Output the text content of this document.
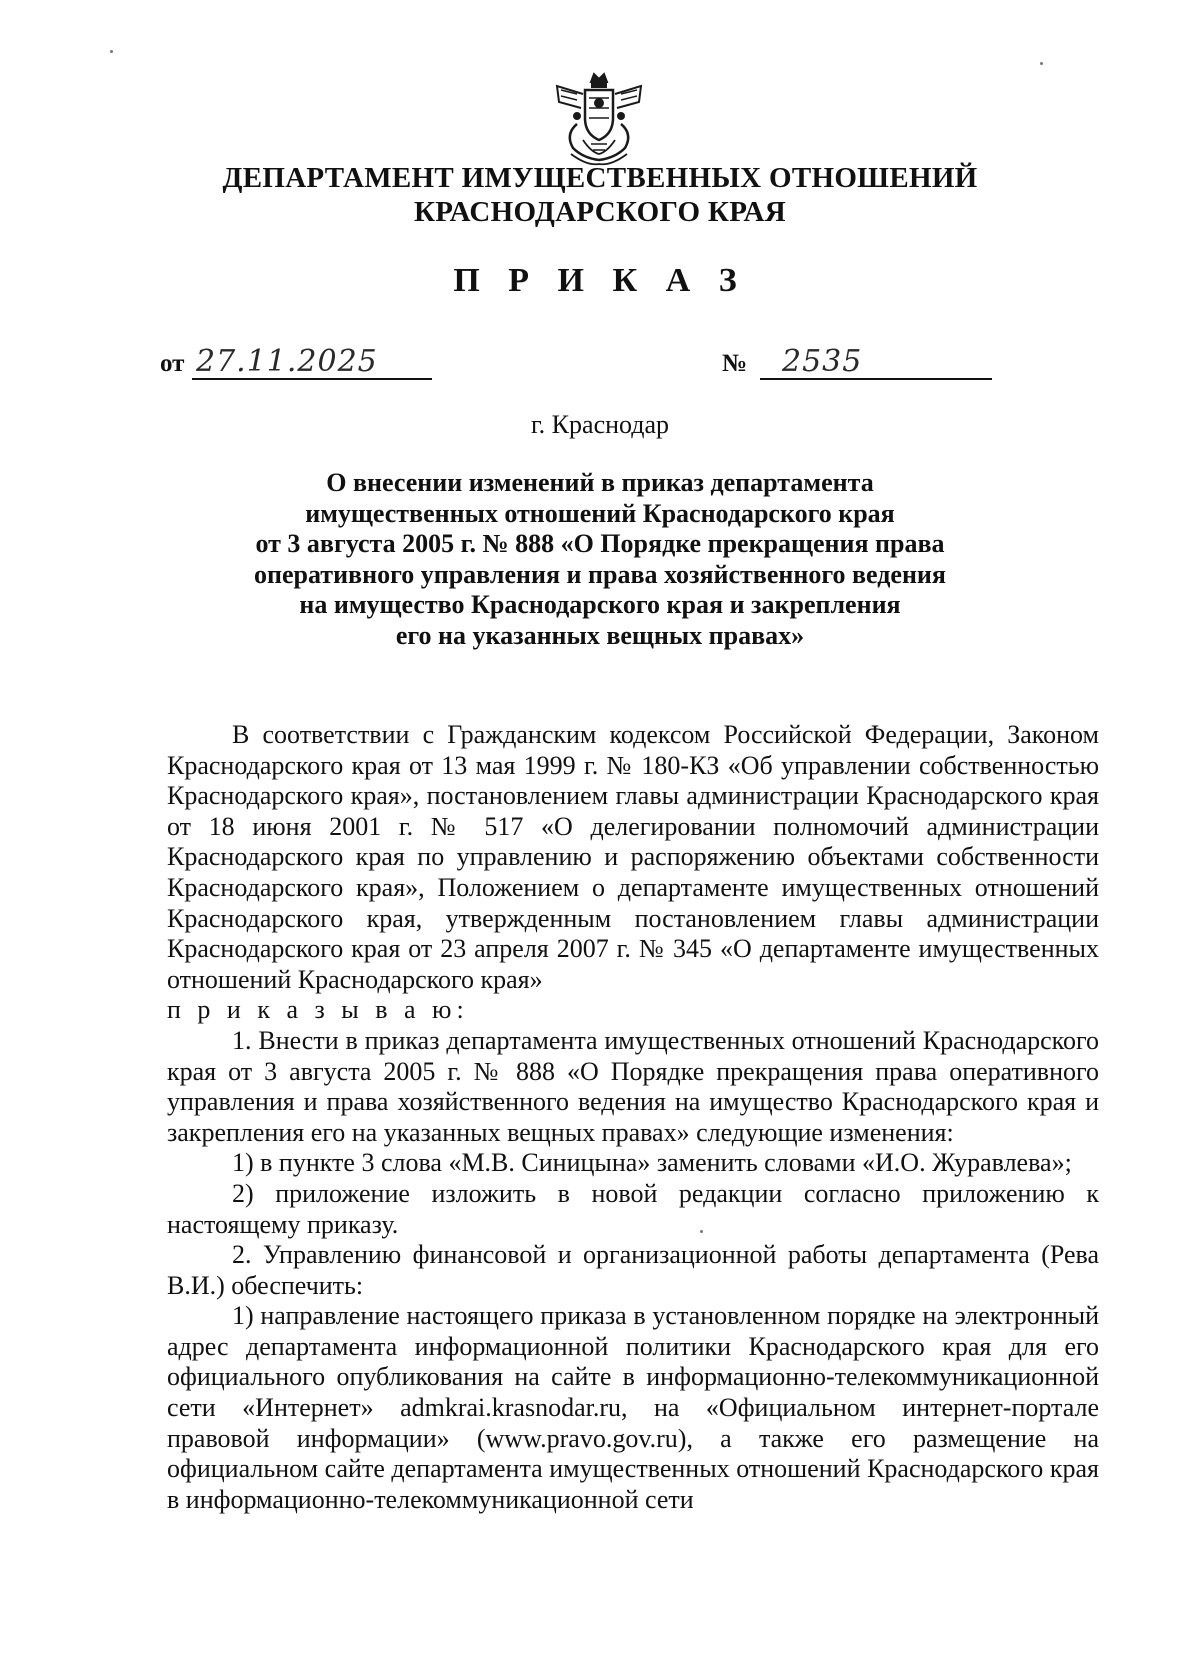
ДЕПАРТАМЕНТ ИМУЩЕСТВЕННЫХ ОТНОШЕНИЙ
КРАСНОДАРСКОГО КРАЯ
П Р И К А З
от 27.11.2025	№ 2535
г. Краснодар
О внесении изменений в приказ департамента
имущественных отношений Краснодарского края
от 3 августа 2005 г. № 888 «О Порядке прекращения права
оперативного управления и права хозяйственного ведения
на имущество Краснодарского края и закрепления
его на указанных вещных правах»

В соответствии с Гражданским кодексом Российской Федерации, Законом Краснодарского края от 13 мая 1999 г. № 180-КЗ «Об управлении собственностью Краснодарского края», постановлением главы администрации Краснодарского края от 18 июня 2001 г. № 517 «О делегировании полномочий администрации Краснодарского края по управлению и распоряжению объектами собственности Краснодарского края», Положением о департаменте имущественных отношений Краснодарского края, утвержденным постановлением главы администрации Краснодарского края от 23 апреля 2007 г. № 345 «О департаменте имущественных отношений Краснодарского края»

п р и к а з ы в а ю:

1. Внести в приказ департамента имущественных отношений Краснодарского края от 3 августа 2005 г. № 888 «О Порядке прекращения права оперативного управления и права хозяйственного ведения на имущество Краснодарского края и закрепления его на указанных вещных правах» следующие изменения:

1) в пункте 3 слова «М.В. Синицына» заменить словами «И.О. Журавлева»;

2) приложение изложить в новой редакции согласно приложению к настоящему приказу.

2. Управлению финансовой и организационной работы департамента (Рева В.И.) обеспечить:

1) направление настоящего приказа в установленном порядке на электронный адрес департамента информационной политики Краснодарского края для его официального опубликования на сайте в информационно-телекоммуникационной сети «Интернет» admkrai.krasnodar.ru, на «Официальном интернет-портале правовой информации» (www.pravo.gov.ru), а также его размещение на официальном сайте департамента имущественных отношений Краснодарского края в информационно-телекоммуникационной сети
